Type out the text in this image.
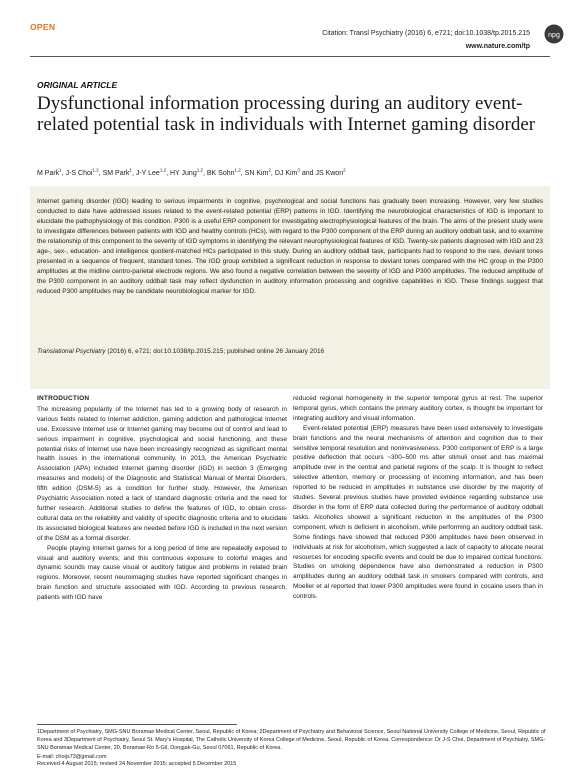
OPEN
Citation: Transl Psychiatry (2016) 6, e721; doi:10.1038/tp.2015.215
www.nature.com/tp
npg
ORIGINAL ARTICLE
Dysfunctional information processing during an auditory event-related potential task in individuals with Internet gaming disorder
M Park$^1$, J-S Choi$^{1,2}$, SM Park$^1$, J-Y Lee$^{1,2}$, HY Jung$^{1,2}$, BK Sohn$^{1,2}$, SN Kim$^2$, DJ Kim$^3$ and JS Kwon$^2$

Internet gaming disorder (IGD) leading to serious impairments in cognitive, psychological and social functions has gradually been increasing. However, very few studies conducted to date have addressed issues related to the event-related potential (ERP) patterns in IGD. Identifying the neurobiological characteristics of IGD is important to elucidate the pathophysiology of this condition. P300 is a useful ERP component for investigating electrophysiological features of the brain. The aims of the present study were to investigate differences between patients with IGD and healthy controls (HCs), with regard to the P300 component of the ERP during an auditory oddball task, and to examine the relationship of this component to the severity of IGD symptoms in identifying the relevant neurophysiological features of IGD. Twenty-six patients diagnosed with IGD and 23 age-, sex-, education- and intelligence quotient-matched HCs participated in this study. During an auditory oddball task, participants had to respond to the rare, deviant tones presented in a sequence of frequent, standard tones. The IGD group exhibited a significant reduction in response to deviant tones compared with the HC group in the P300 amplitudes at the midline centro-parietal electrode regions. We also found a negative correlation between the severity of IGD and P300 amplitudes. The reduced amplitude of the P300 component in an auditory oddball task may reflect dysfunction in auditory information processing and cognitive capabilities in IGD. These findings suggest that reduced P300 amplitudes may be candidate neurobiological marker for IGD.

Translational Psychiatry (2016) 6, e721; doi:10.1038/tp.2015.215; published online 26 January 2016
INTRODUCTION

The increasing popularity of the Internet has led to a growing body of research in various fields related to Internet addiction, gaming addiction and pathological Internet use. Excessive Internet use or Internet gaming may become out of control and lead to serious impairment in cognitive, psychological and social functioning, and these potential risks of Internet use have been increasingly recognized as significant mental health issues in the international community. In 2013, the American Psychiatric Association (APA) included Internet gaming disorder (IGD) in section 3 (Emerging measures and models) of the Diagnostic and Statistical Manual of Mental Disorders, fifth edition (DSM-5) as a condition for further study. However, the American Psychiatric Association noted a lack of standard diagnostic criteria and the need for further research. Additional studies to define the features of IGD, to obtain cross-cultural data on the reliability and validity of specific diagnostic criteria and to elucidate its associated biological features are needed before IGD is included in the next version of the DSM as a formal disorder.

People playing Internet games for a long period of time are repeatedly exposed to visual and auditory events, and this continuous exposure to colorful images and dynamic sounds may cause visual or auditory fatigue and problems in related brain regions. Moreover, recent neuroimaging studies have reported significant changes in brain function and structure associated with IGD. According to previous research, patients with IGD have

reduced regional homogeneity in the superior temporal gyrus at rest. The superior temporal gyrus, which contains the primary auditory cortex, is thought be important for integrating auditory and visual information.

Event-related potential (ERP) measures have been used extensively to investigate brain functions and the neural mechanisms of attention and cognition due to their sensitive temporal resolution and noninvasiveness. P300 component of ERP is a large positive deflection that occurs ~300–500 ms after stimuli onset and has maximal amplitude over in the central and parietal regions of the scalp. It is thought to reflect selective attention, memory or processing of incoming information, and has been reported to be reduced in amplitudes in substance use disorder by the majority of studies. Several previous studies have provided evidence regarding substance use disorder in the form of ERP data collected during the performance of auditory oddball tasks. Alcoholics showed a significant reduction in the amplitudes of the P300 component, which is deficient in alcoholism, while performing an auditory oddball task. Some findings have showed that reduced P300 amplitudes have been observed in individuals at risk for alcoholism, which suggested a lack of capacity to allocate neural resources for encoding specific events and could be due to impaired cortical functions. Studies on smoking dependence have also demonstrated a reduction in P300 amplitudes during an auditory oddball task in smokers compared with controls, and Moeller et al reported that lower P300 amplitudes were found in cocaine users than in controls.

1Department of Psychiatry, SMG-SNU Boramae Medical Center, Seoul, Republic of Korea; 2Department of Psychiatry and Behavioral Science, Seoul National University College of Medicine, Seoul, Republic of Korea and 3Department of Psychiatry, Seoul St. Mary's Hospital, The Catholic University of Korea College of Medicine, Seoul, Republic of Korea. Correspondence: Dr J-S Choi, Department of Psychiatry, SMG-SNU Boramae Medical Center, 20, Boramae-Ro 5-Gil, Dongjak-Gu, Seoul 07061, Republic of Korea.
E-mail: choijs73@gmail.com

Received 4 August 2015; revised 24 November 2015; accepted 5 December 2015
